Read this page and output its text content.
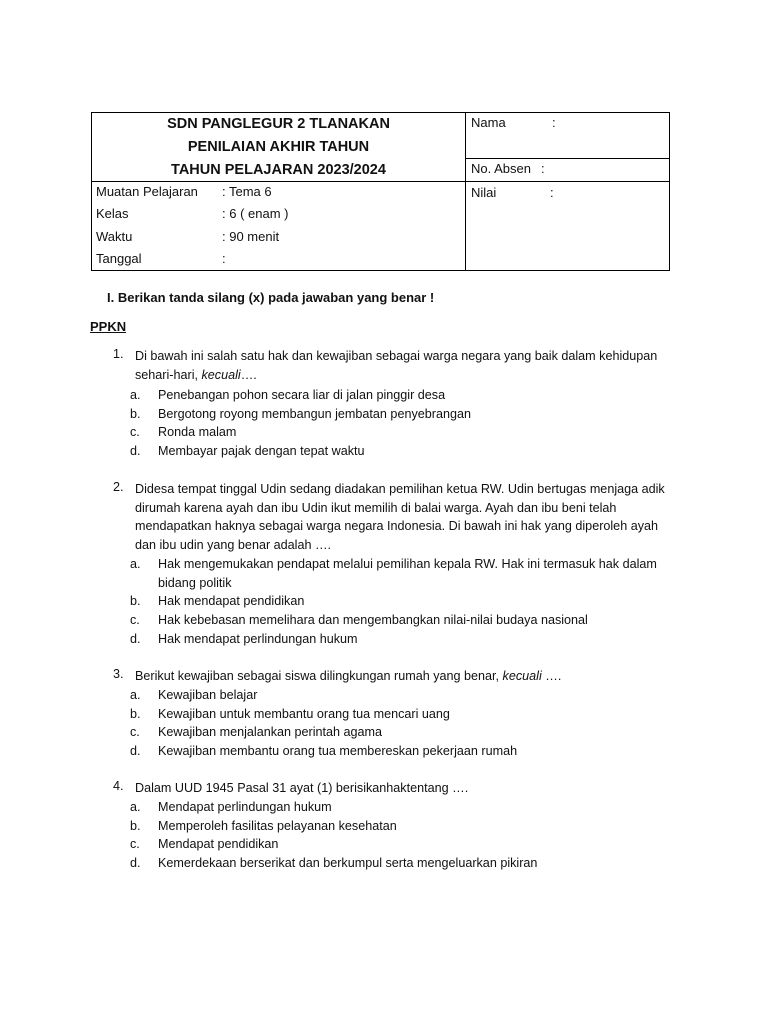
SDN PANGLEGUR 2 TLANAKAN
PENILAIAN AKHIR TAHUN
TAHUN PELAJARAN 2023/2024
Muatan Pelajaran : Tema 6
Kelas	: 6 ( enam )
Waktu	: 90 menit
Tanggal	:
Nama	:
No. Absen :
Nilai	:
I. Berikan tanda silang (x) pada jawaban yang benar !
PPKN
1. Di bawah ini salah satu hak dan kewajiban sebagai warga negara yang baik dalam kehidupan sehari-hari, kecuali….
a. Penebangan pohon secara liar di jalan pinggir desa
b. Bergotong royong membangun jembatan penyebrangan
c. Ronda malam
d. Membayar pajak dengan tepat waktu
2. Didesa tempat tinggal Udin sedang diadakan pemilihan ketua RW. Udin bertugas menjaga adik dirumah karena ayah dan ibu Udin ikut memilih di balai warga. Ayah dan ibu beni telah mendapatkan haknya sebagai warga negara Indonesia. Di bawah ini hak yang diperoleh ayah dan ibu udin yang benar adalah ….
a. Hak mengemukakan pendapat melalui pemilihan kepala RW. Hak ini termasuk hak dalam bidang politik
b. Hak mendapat pendidikan
c. Hak kebebasan memelihara dan mengembangkan nilai-nilai budaya nasional
d. Hak mendapat perlindungan hukum
3. Berikut kewajiban sebagai siswa dilingkungan rumah yang benar, kecuali ….
a. Kewajiban belajar
b. Kewajiban untuk membantu orang tua mencari uang
c. Kewajiban menjalankan perintah agama
d. Kewajiban membantu orang tua membereskan pekerjaan rumah
4. Dalam UUD 1945 Pasal 31 ayat (1) berisikanhaktentang ….
a. Mendapat perlindungan hukum
b. Memperoleh fasilitas pelayanan kesehatan
c. Mendapat pendidikan
d. Kemerdekaan berserikat dan berkumpul serta mengeluarkan pikiran
